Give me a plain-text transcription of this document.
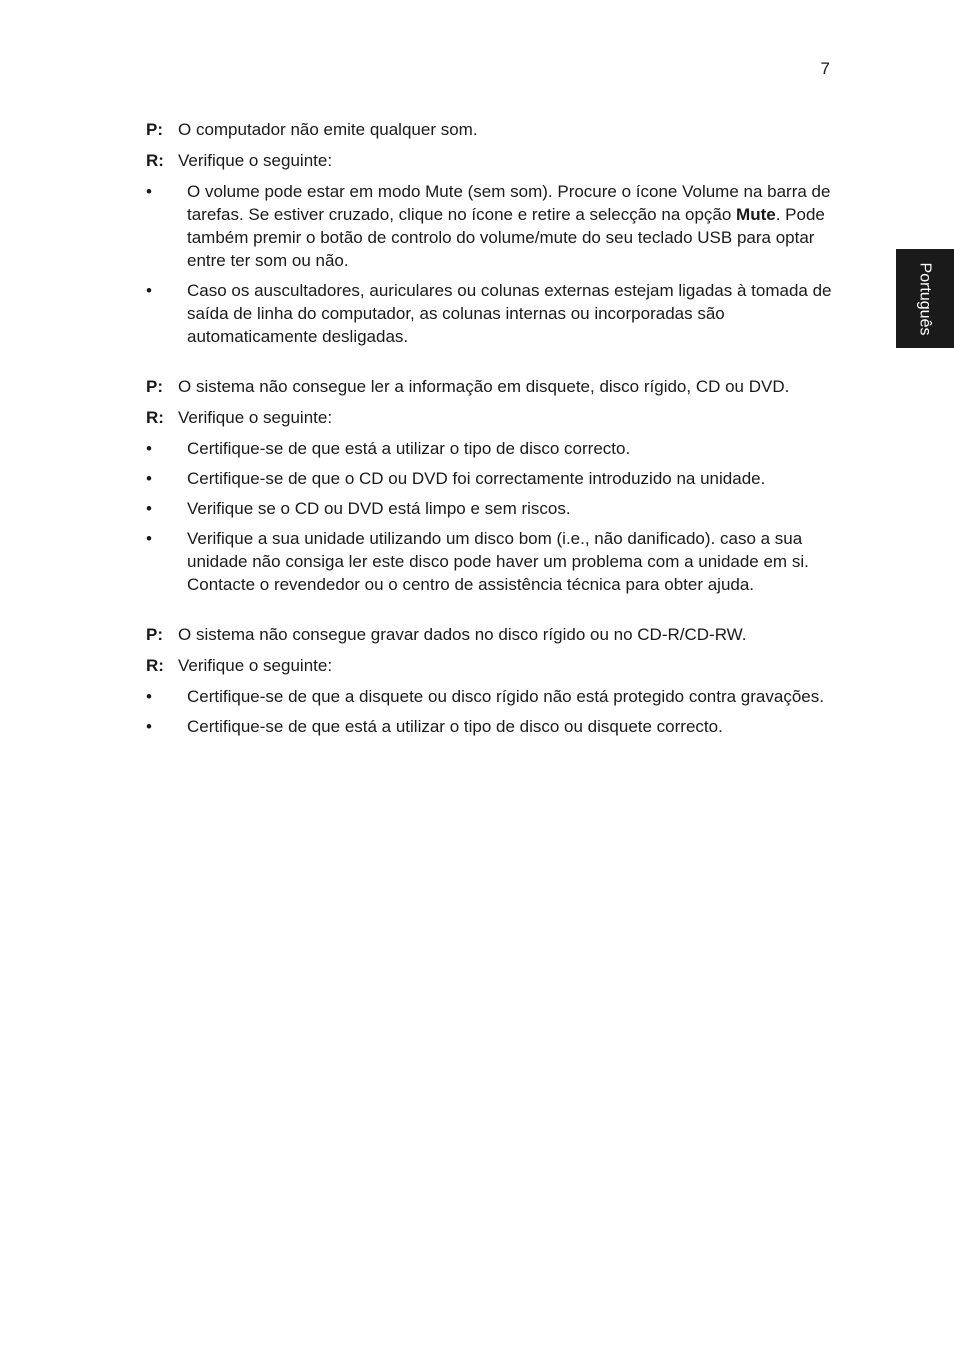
7
Português
P: O computador não emite qualquer som.
R: Verifique o seguinte:
•	O volume pode estar em modo Mute (sem som). Procure o ícone Volume na barra de tarefas. Se estiver cruzado, clique no ícone e retire a selecção na opção Mute. Pode também premir o botão de controlo do volume/mute do seu teclado USB para optar entre ter som ou não.
•	Caso os auscultadores, auriculares ou colunas externas estejam ligadas à tomada de saída de linha do computador, as colunas internas ou incorporadas são automaticamente desligadas.
P: O sistema não consegue ler a informação em disquete, disco rígido, CD ou DVD.
R: Verifique o seguinte:
•	Certifique-se de que está a utilizar o tipo de disco correcto.
•	Certifique-se de que o CD ou DVD foi correctamente introduzido na unidade.
•	Verifique se o CD ou DVD está limpo e sem riscos.
•	Verifique a sua unidade utilizando um disco bom (i.e., não danificado). caso a sua unidade não consiga ler este disco pode haver um problema com a unidade em si. Contacte o revendedor ou o centro de assistência técnica para obter ajuda.
P: O sistema não consegue gravar dados no disco rígido ou no CD-R/CD-RW.
R: Verifique o seguinte:
•	Certifique-se de que a disquete ou disco rígido não está protegido contra gravações.
•	Certifique-se de que está a utilizar o tipo de disco ou disquete correcto.
